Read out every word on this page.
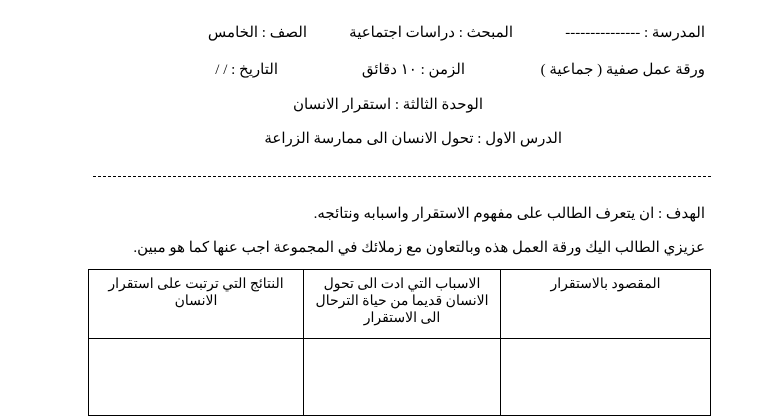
المدرسة : ---------------
المبحث : دراسات اجتماعية
الصف : الخامس
ورقة عمل صفية ( جماعية )
الزمن : ١٠ دقائق
التاريخ : / /
الوحدة الثالثة : استقرار الانسان
الدرس الاول : تحول الانسان الى ممارسة الزراعة
الهدف : ان يتعرف الطالب على مفهوم الاستقرار واسبابه ونتائجه.
عزيزي الطالب اليك ورقة العمل هذه وبالتعاون مع زملائك في المجموعة اجب عنها كما هو مبين.
المقصود بالاستقرار	الاسباب التي ادت الى تحول الانسان قديما من حياة الترحال الى الاستقرار	النتائج التي ترتبت على استقرار الانسان
